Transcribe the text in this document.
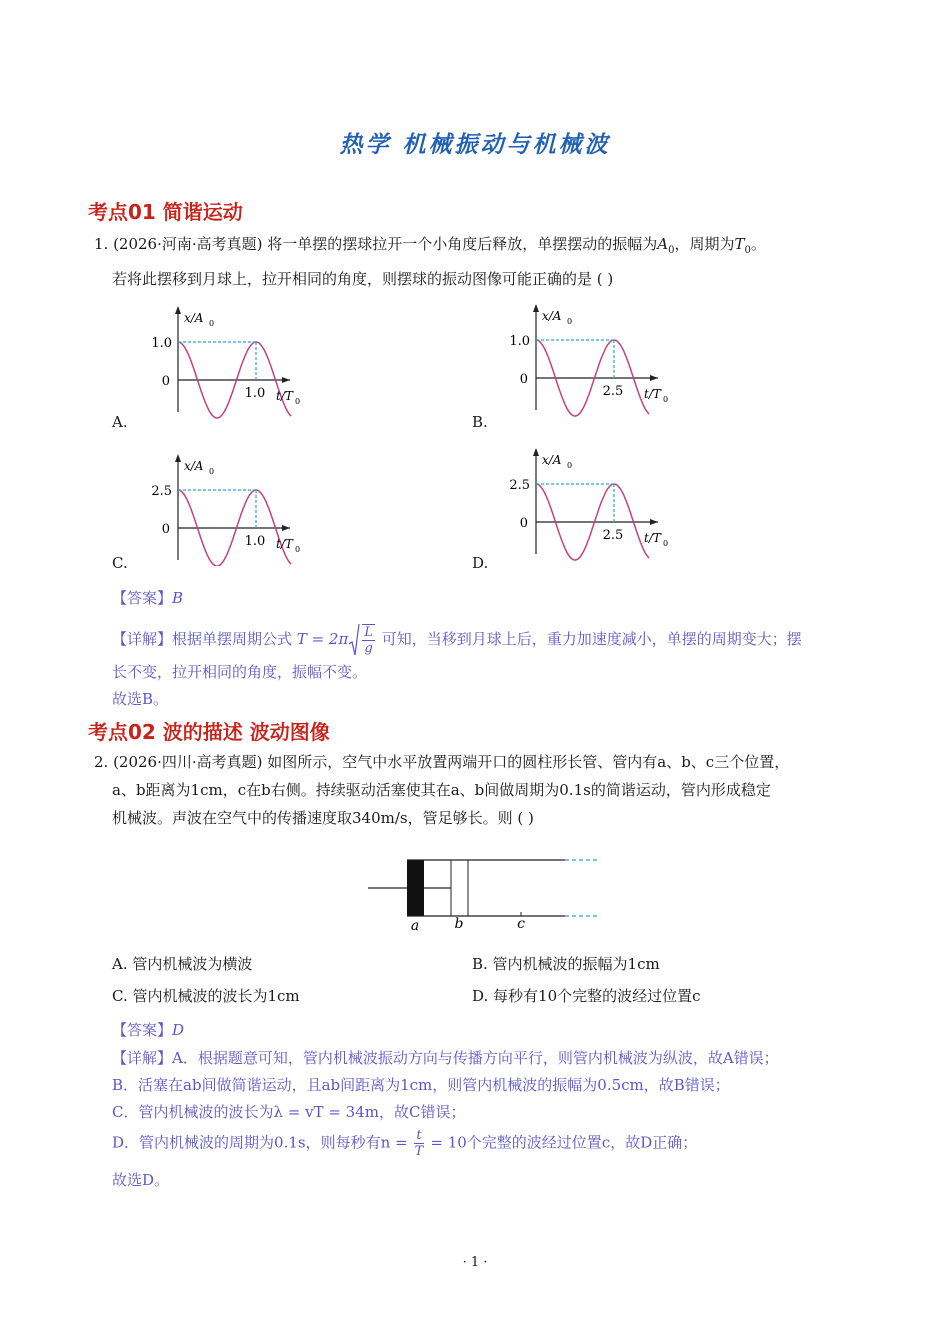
热学 机械振动与机械波
考点01 简谐运动
1. (2026·河南·高考真题) 将一单摆的摆球拉开一个小角度后释放，单摆摆动的振幅为$A_0$，周期为$T_0$。
若将此摆移到月球上，拉开相同的角度，则摆球的振动图像可能正确的是 ( )
1.0
0
1.0
x/A 0
t/T 0
1.0
0
2.5
x/A 0
t/T 0
2.5
0
1.0
x/A 0
t/T 0
2.5
0
2.5
x/A 0
t/T 0
A.	B.
C.	D.
【答案】B
【详解】根据单摆周期公式 $T = 2\pi \frac{L}{g}$ 可知，当移到月球上后，重力加速度减小，单摆的周期变大；摆
长不变，拉开相同的角度，振幅不变。
故选B。
考点02 波的描述 波动图像
2. (2026·四川·高考真题) 如图所示，空气中水平放置两端开口的圆柱形长管、管内有a、b、c三个位置，
a、b距离为1cm，c在b右侧。持续驱动活塞使其在a、b间做周期为0.1s的简谐运动，管内形成稳定
机械波。声波在空气中的传播速度取340m/s，管足够长。则 ( )
a	b	c
A. 管内机械波为横波	B. 管内机械波的振幅为1cm
C. 管内机械波的波长为1cm	D. 每秒有10个完整的波经过位置c
【答案】D
【详解】A．根据题意可知，管内机械波振动方向与传播方向平行，则管内机械波为纵波，故A错误；
B．活塞在ab间做简谐运动，且ab间距离为1cm，则管内机械波的振幅为0.5cm，故B错误；
C．管内机械波的波长为λ = vT = 34m，故C错误；
D．管内机械波的周期为0.1s，则每秒有$n = \frac{t}{T} = 10$个完整的波经过位置c，故D正确；
故选D。
· 1 ·
